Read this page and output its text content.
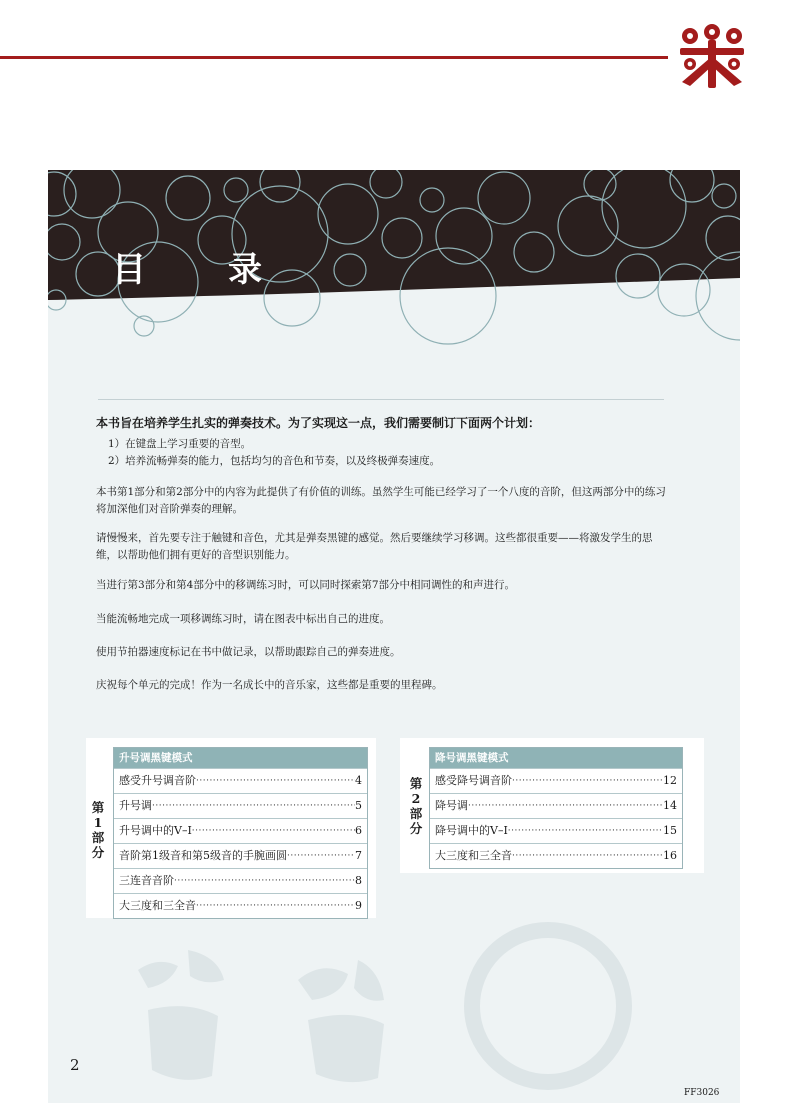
目　录

本书旨在培养学生扎实的弹奏技术。为了实现这一点，我们需要制订下面两个计划：

1）在键盘上学习重要的音型。

2）培养流畅弹奏的能力，包括均匀的音色和节奏，以及终极弹奏速度。

本书第1部分和第2部分中的内容为此提供了有价值的训练。虽然学生可能已经学习了一个八度的音阶，但这两部分中的练习将加深他们对音阶弹奏的理解。

请慢慢来，首先要专注于触键和音色，尤其是弹奏黑键的感觉。然后要继续学习移调。这些都很重要——将激发学生的思维，以帮助他们拥有更好的音型识别能力。

当进行第3部分和第4部分中的移调练习时，可以同时探索第7部分中相同调性的和声进行。

当能流畅地完成一项移调练习时，请在图表中标出自己的进度。

使用节拍器速度标记在书中做记录，以帮助跟踪自己的弹奏进度。

庆祝每个单元的完成！作为一名成长中的音乐家，这些都是重要的里程碑。

第
1
部
分
升号调黑键模式
感受升号调音阶 ·····	4
升号调 ·····	5
升号调中的V–I ·····	6
音阶第1级音和第5级音的手腕画圆 ·····	7
三连音音阶 ·····	8
大三度和三全音 ·····	9
第
2
部
分
降号调黑键模式
感受降号调音阶 ·····	12
降号调 ·····	14
降号调中的V–I ·····	15
大三度和三全音 ·····	16
2
FF3026
